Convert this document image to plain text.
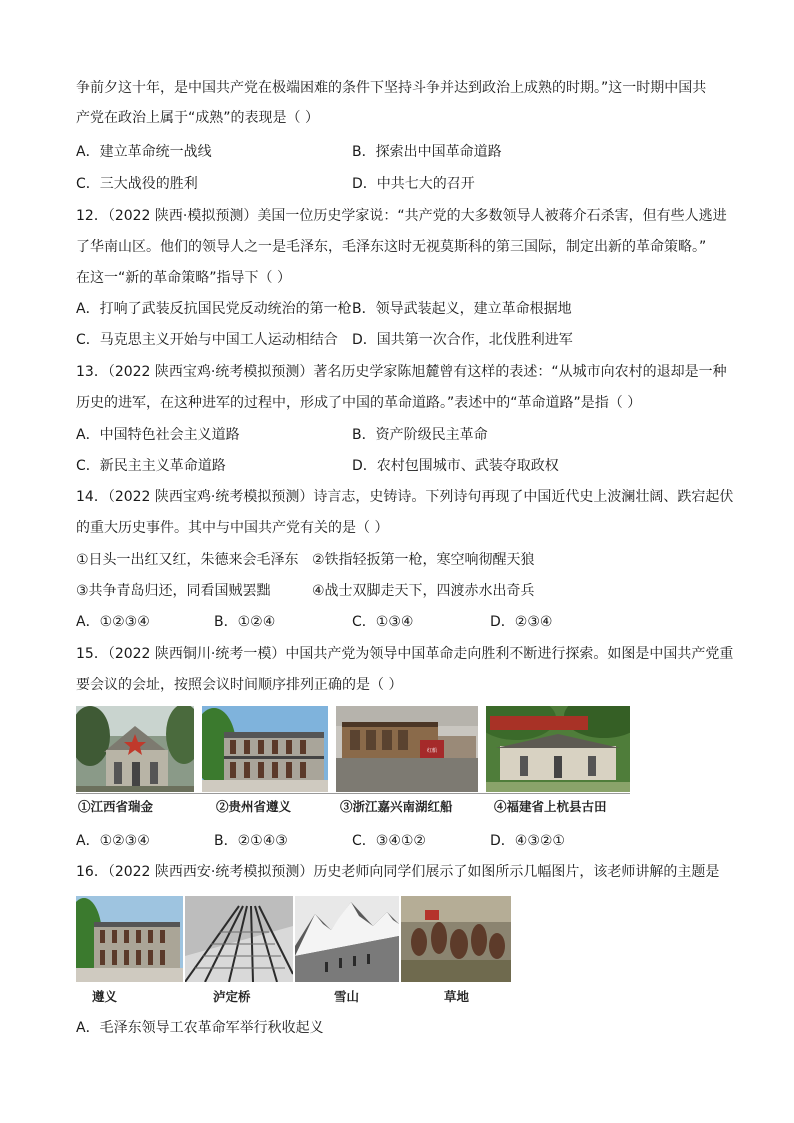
争前夕这十年，是中国共产党在极端困难的条件下坚持斗争并达到政治上成熟的时期。”这一时期中国共
产党在政治上属于“成熟”的表现是（ ）
A．建立革命统一战线	B．探索出中国革命道路
C．三大战役的胜利	D．中共七大的召开
12．（2022 陕西·模拟预测）美国一位历史学家说：“共产党的大多数领导人被蒋介石杀害，但有些人逃进
了华南山区。他们的领导人之一是毛泽东，毛泽东这时无视莫斯科的第三国际，制定出新的革命策略。”
在这一“新的革命策略”指导下（ ）
A．打响了武装反抗国民党反动统治的第一枪 B．领导武装起义，建立革命根据地
C．马克思主义开始与中国工人运动相结合 D．国共第一次合作，北伐胜利进军
13．（2022 陕西宝鸡·统考模拟预测）著名历史学家陈旭麓曾有这样的表述：“从城市向农村的退却是一种
历史的进军，在这种进军的过程中，形成了中国的革命道路。”表述中的“革命道路”是指（ ）
A．中国特色社会主义道路	B．资产阶级民主革命
C．新民主主义革命道路	D．农村包围城市、武装夺取政权
14．（2022 陕西宝鸡·统考模拟预测）诗言志，史铸诗。下列诗句再现了中国近代史上波澜壮阔、跌宕起伏
的重大历史事件。其中与中国共产党有关的是（ ）
①日头一出红又红，朱德来会毛泽东 ②铁指轻扳第一枪，寒空响彻醒天狼
③共争青岛归还，同看国贼罢黜	④战士双脚走天下，四渡赤水出奇兵
A．①②③④	B．①②④	C．①③④	D．②③④
15．（2022 陕西铜川·统考一模）中国共产党为领导中国革命走向胜利不断进行探索。如图是中国共产党重
要会议的会址，按照会议时间顺序排列正确的是（ ）
红船
①江西省瑞金	②贵州省遵义	③浙江嘉兴南湖红船	④福建省上杭县古田
A．①②③④	B．②①④③	C．③④①②	D．④③②①
16．（2022 陕西西安·统考模拟预测）历史老师向同学们展示了如图所示几幅图片，该老师讲解的主题是
遵义	泸定桥	雪山	草地
A．毛泽东领导工农革命军举行秋收起义
